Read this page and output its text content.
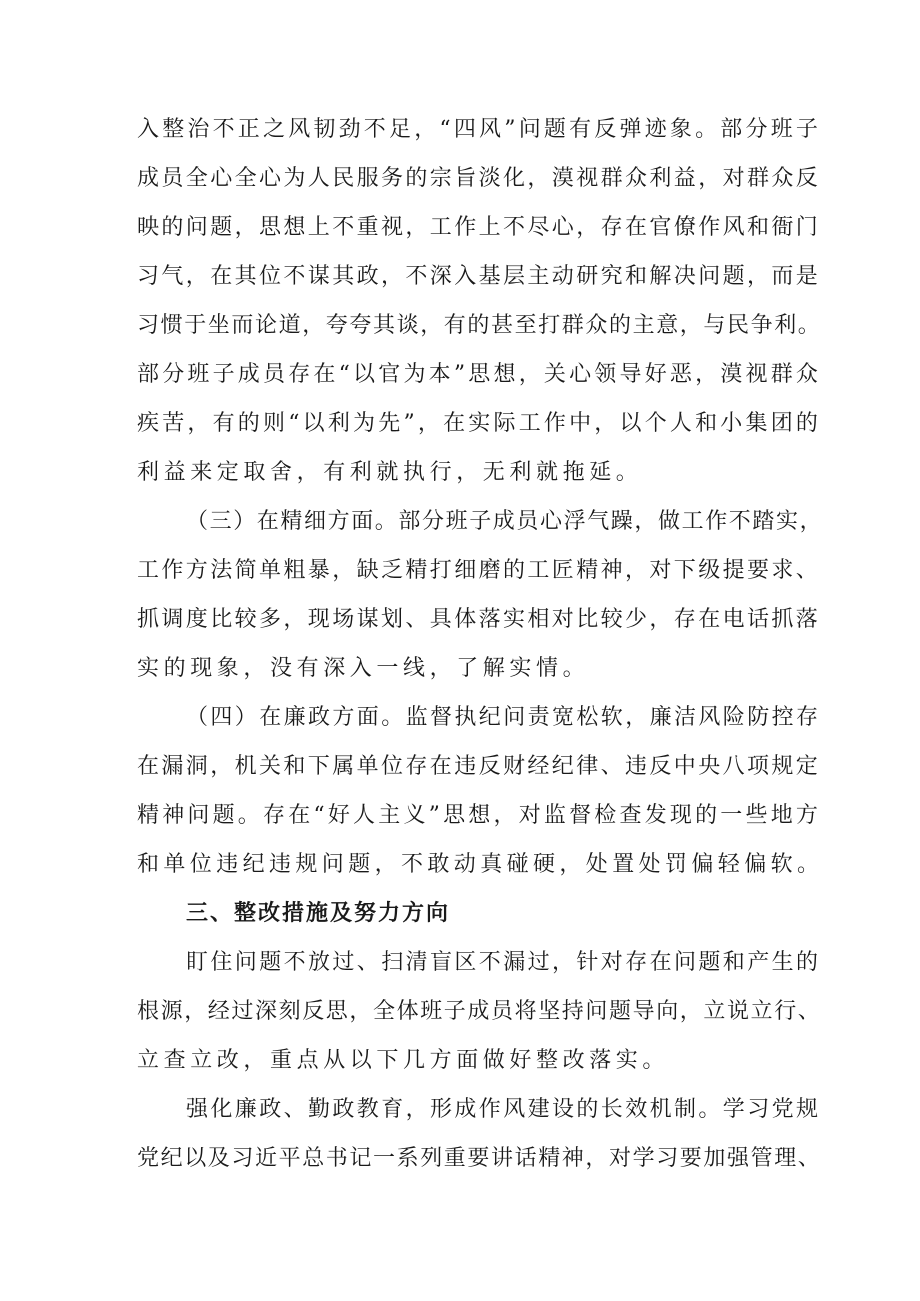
入整治不正之风韧劲不足，“四风”问题有反弹迹象。部分班子
成员全心全心为人民服务的宗旨淡化，漠视群众利益，对群众反
映的问题，思想上不重视，工作上不尽心，存在官僚作风和衙门
习气，在其位不谋其政，不深入基层主动研究和解决问题，而是
习惯于坐而论道，夸夸其谈，有的甚至打群众的主意，与民争利。
部分班子成员存在“以官为本”思想，关心领导好恶，漠视群众
疾苦，有的则“以利为先”，在实际工作中，以个人和小集团的
利益来定取舍，有利就执行，无利就拖延。
（三）在精细方面。部分班子成员心浮气躁，做工作不踏实，
工作方法简单粗暴，缺乏精打细磨的工匠精神，对下级提要求、
抓调度比较多，现场谋划、具体落实相对比较少，存在电话抓落
实的现象，没有深入一线，了解实情。
（四）在廉政方面。监督执纪问责宽松软，廉洁风险防控存
在漏洞，机关和下属单位存在违反财经纪律、违反中央八项规定
精神问题。存在“好人主义”思想，对监督检查发现的一些地方
和单位违纪违规问题，不敢动真碰硬，处置处罚偏轻偏软。
三、整改措施及努力方向
盯住问题不放过、扫清盲区不漏过，针对存在问题和产生的
根源，经过深刻反思，全体班子成员将坚持问题导向，立说立行、
立查立改，重点从以下几方面做好整改落实。
强化廉政、勤政教育，形成作风建设的长效机制。学习党规
党纪以及习近平总书记一系列重要讲话精神，对学习要加强管理、
